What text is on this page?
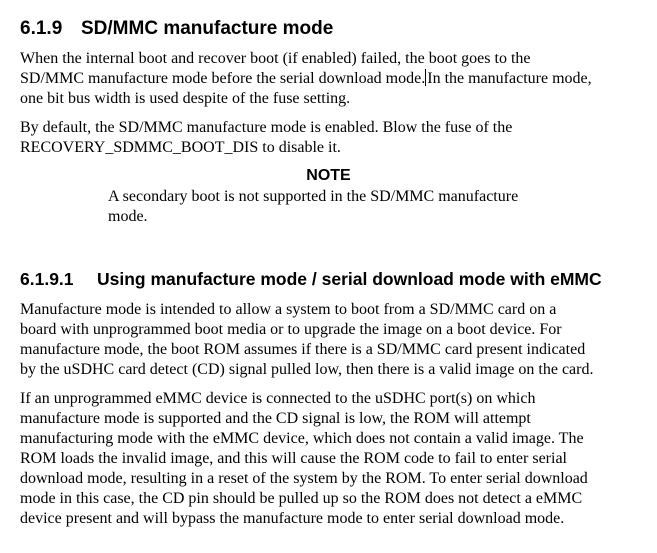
6.1.9 SD/MMC manufacture mode
When the internal boot and recover boot (if enabled) failed, the boot goes to the
SD/MMC manufacture mode before the serial download mode. In the manufacture mode,
one bit bus width is used despite of the fuse setting.
By default, the SD/MMC manufacture mode is enabled. Blow the fuse of the
RECOVERY_SDMMC_BOOT_DIS to disable it.
NOTE
A secondary boot is not supported in the SD/MMC manufacture
mode.
6.1.9.1 Using manufacture mode / serial download mode with eMMC
Manufacture mode is intended to allow a system to boot from a SD/MMC card on a
board with unprogrammed boot media or to upgrade the image on a boot device. For
manufacture mode, the boot ROM assumes if there is a SD/MMC card present indicated
by the uSDHC card detect (CD) signal pulled low, then there is a valid image on the card.
If an unprogrammed eMMC device is connected to the uSDHC port(s) on which
manufacture mode is supported and the CD signal is low, the ROM will attempt
manufacturing mode with the eMMC device, which does not contain a valid image. The
ROM loads the invalid image, and this will cause the ROM code to fail to enter serial
download mode, resulting in a reset of the system by the ROM. To enter serial download
mode in this case, the CD pin should be pulled up so the ROM does not detect a eMMC
device present and will bypass the manufacture mode to enter serial download mode.
